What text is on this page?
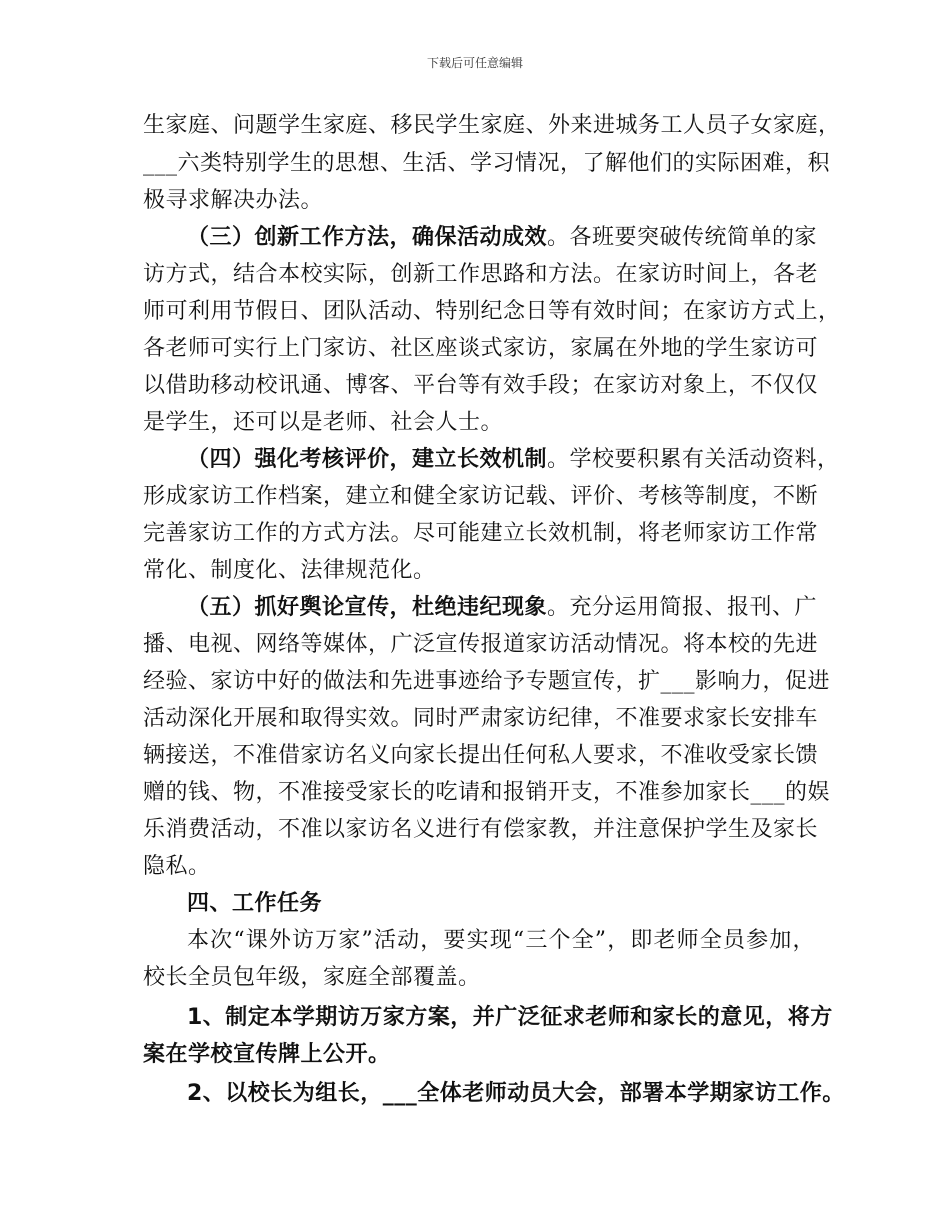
下载后可任意编辑
生家庭、问题学生家庭、移民学生家庭、外来进城务工人员子女家庭，
___六类特别学生的思想、生活、学习情况，了解他们的实际困难，积
极寻求解决办法。
（三）创新工作方法，确保活动成效。各班要突破传统简单的家
访方式，结合本校实际，创新工作思路和方法。在家访时间上，各老
师可利用节假日、团队活动、特别纪念日等有效时间；在家访方式上，
各老师可实行上门家访、社区座谈式家访，家属在外地的学生家访可
以借助移动校讯通、博客、平台等有效手段；在家访对象上，不仅仅
是学生，还可以是老师、社会人士。
（四）强化考核评价，建立长效机制。学校要积累有关活动资料，
形成家访工作档案，建立和健全家访记载、评价、考核等制度，不断
完善家访工作的方式方法。尽可能建立长效机制，将老师家访工作常
常化、制度化、法律规范化。
（五）抓好舆论宣传，杜绝违纪现象。充分运用简报、报刊、广
播、电视、网络等媒体，广泛宣传报道家访活动情况。将本校的先进
经验、家访中好的做法和先进事迹给予专题宣传，扩___影响力，促进
活动深化开展和取得实效。同时严肃家访纪律，不准要求家长安排车
辆接送，不准借家访名义向家长提出任何私人要求，不准收受家长馈
赠的钱、物，不准接受家长的吃请和报销开支，不准参加家长___的娱
乐消费活动，不准以家访名义进行有偿家教，并注意保护学生及家长
隐私。
四、工作任务
本次“课外访万家”活动，要实现“三个全”，即老师全员参加，
校长全员包年级，家庭全部覆盖。
1、制定本学期访万家方案，并广泛征求老师和家长的意见，将方
案在学校宣传牌上公开。
2、以校长为组长，___全体老师动员大会，部署本学期家访工作。
